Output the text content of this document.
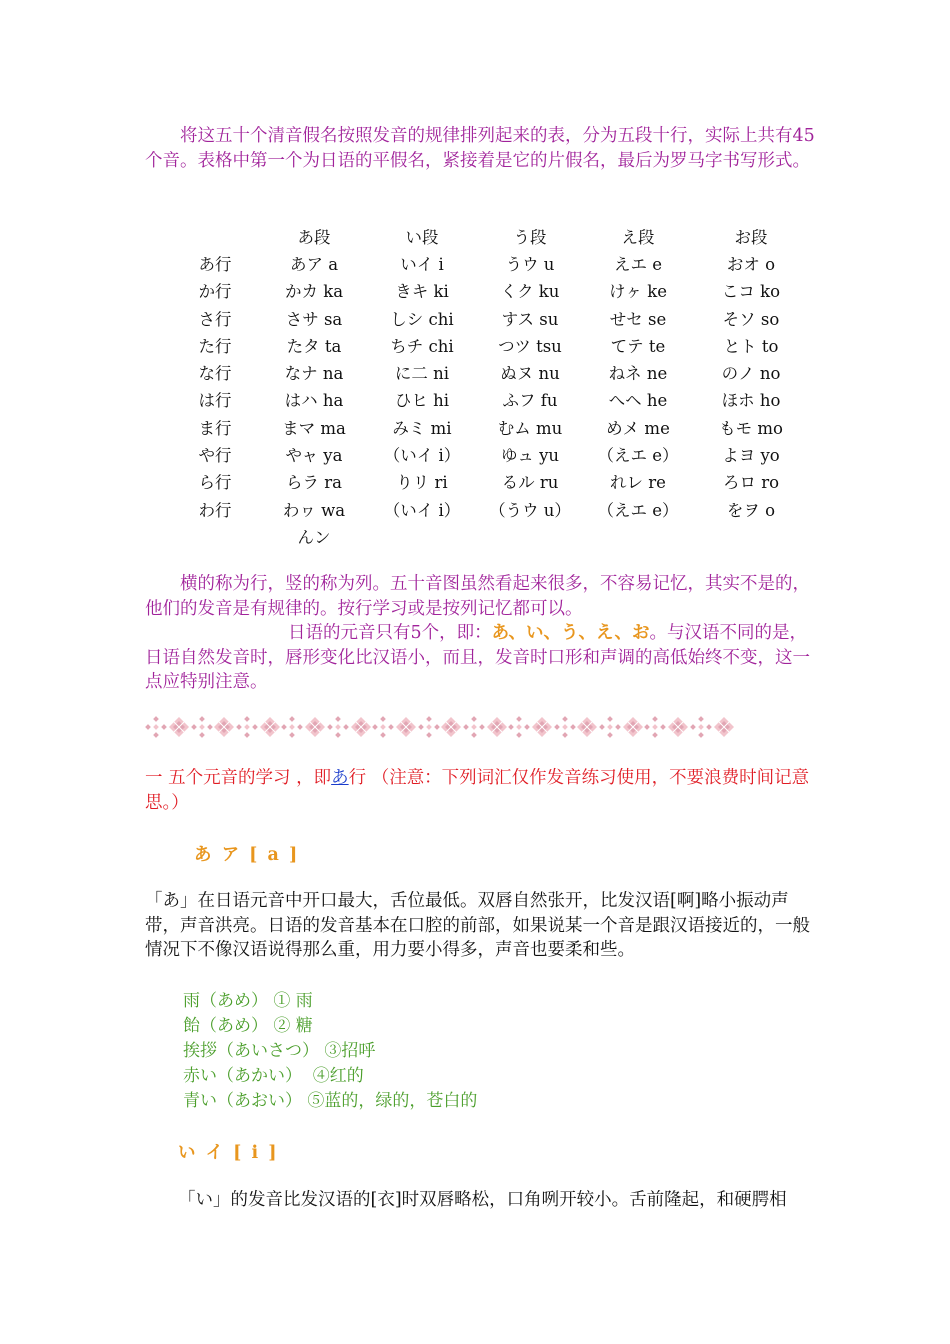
　　将这五十个清音假名按照发音的规律排列起来的表，分为五段十行，实际上共有45个音。表格中第一个为日语的平假名，紧接着是它的片假名，最后为罗马字书写形式。

	あ段	い段	う段	え段	お段
あ行	あア a	いイ i	うウ u	えエ e	おオ o
か行	かカ ka	きキ ki	くク ku	けヶ ke	こコ ko
さ行	さサ sa	しシ chi	すス su	せセ se	そソ so
た行	たタ ta	ちチ chi	つツ tsu	てテ te	とト to
な行	なナ na	に二 ni	ぬヌ nu	ねネ ne	のノ no
は行	はハ ha	ひヒ hi	ふフ fu	へヘ he	ほホ ho
ま行	まマ ma	みミ mi	むム mu	めメ me	もモ mo
や行	やャ ya	（いイ i）	ゆュ yu	（えエ e）	よヨ yo
ら行	らラ ra	りリ ri	るル ru	れレ re	ろロ ro
わ行	わヮ wa	（いイ i）	（うウ u）	（えエ e）	をヲ o
	んン				

　　横的称为行，竖的称为列。五十音图虽然看起来很多，不容易记忆，其实不是的，他们的发音是有规律的。按行学习或是按列记忆都可以。

日语的元音只有5个，即：あ、い、う、え、お。与汉语不同的是，日语自然发音时，唇形变化比汉语小，而且，发音时口形和声调的高低始终不变，这一点应特别注意。

一 五个元音的学习 ，即あ行 （注意：下列词汇仅作发音练习使用，不要浪费时间记意思。）

あ ア [ a ]

「あ」在日语元音中开口最大，舌位最低。双唇自然张开，比发汉语[啊]略小振动声带，声音洪亮。日语的发音基本在口腔的前部，如果说某一个音是跟汉语接近的，一般情况下不像汉语说得那么重，用力要小得多，声音也要柔和些。

雨（あめ） ① 雨
飴（あめ） ② 糖
挨拶（あいさつ） ③招呼
赤い（あかい）  ④红的
青い（あおい） ⑤蓝的，绿的，苍白的

い イ [ i ]

「い」的发音比发汉语的[衣]时双唇略松，口角咧开较小。舌前隆起，和硬腭相
